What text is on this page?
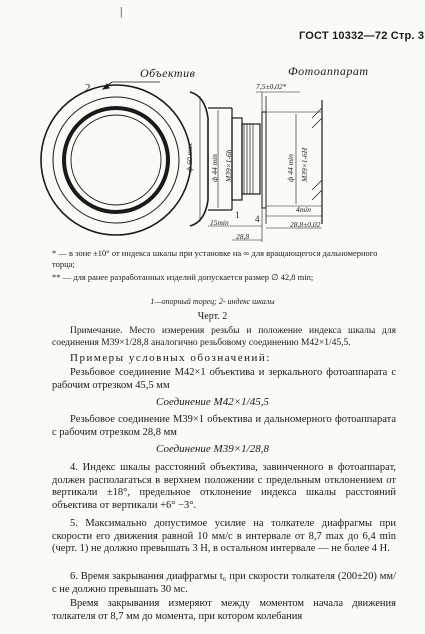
|
ГОСТ 10332—72 Стр. 3
Объектив	Фотоаппарат
2	7,5±0,02*
ф 60 max ф 44 min M39×1-6h	ф 44 min M39×1-6H
1 4
15min
28,8
4min
28,8±0,02
* — в зоне ±10° от индекса шкалы при установке на ∞ для вращающегося дальномерного торца;
** — для ранее разработанных изделий допускается размер ∅ 42,8 min;
1—опорный торец; 2- индекс шкалы
Черт. 2

Примечание. Место измерения резьбы и положение индекса шкалы для соединения M39×1/28,8 аналогично резьбовому соединению M42×1/45,5.

Примеры условных обозначений:

Резьбовое соединение M42×1 объектива и зеркального фотоаппарата с рабочим отрезком 45,5 мм

Соединение M42×1/45,5

Резьбовое соединение M39×1 объектива и дальномерного фотоаппарата с рабочим отрезком 28,8 мм

Соединение M39×1/28,8

4. Индекс шкалы расстояний объектива, завинченного в фотоаппарат, должен располагаться в верхнем положении с предельным отклонением от вертикали ±18°, предельное отклонение индекса шкалы расстояний объектива от вертикали +6° −3°.

5. Максимально допустимое усилие на толкателе диафрагмы при скорости его движения равной 10 мм/с в интервале от 8,7 max до 6,4 min (черт. 1) не должно превышать 3 Н, в остальном интервале — не более 4 Н.

6. Время закрывания диафрагмы t₆ при скорости толкателя (200±20) мм/с не должно превышать 30 мс.

Время закрывания измеряют между моментом начала движения толкателя от 8,7 мм до момента, при котором колебания
